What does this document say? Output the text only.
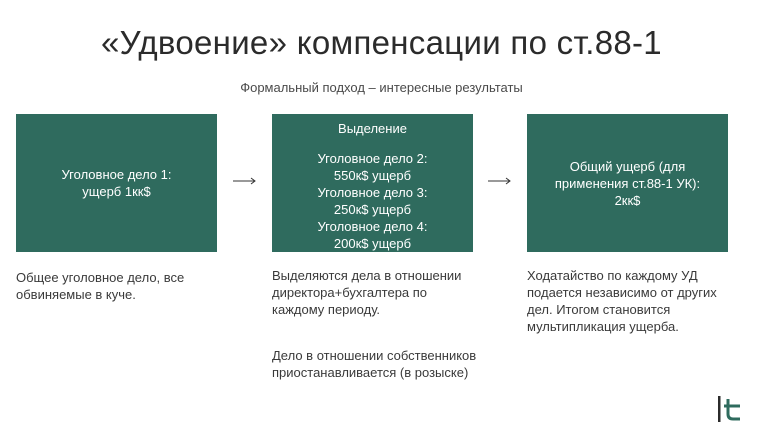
«Удвоение» компенсации по ст.88-1
Формальный подход – интересные результаты
Уголовное дело 1:
ущерб 1кк$
Выделение
Уголовное дело 2:
550к$ ущерб
Уголовное дело 3:
250к$ ущерб
Уголовное дело 4:
200к$ ущерб
Общий ущерб (для
применения ст.88-1 УК):
2кк$
Общее уголовное дело, все обвиняемые в куче.
Выделяются дела в отношении директора+бухгалтера по каждому периоду.
Дело в отношении собственников приостанавливается (в розыске)
Ходатайство по каждому УД подается независимо от других дел. Итогом становится мультипликация ущерба.
